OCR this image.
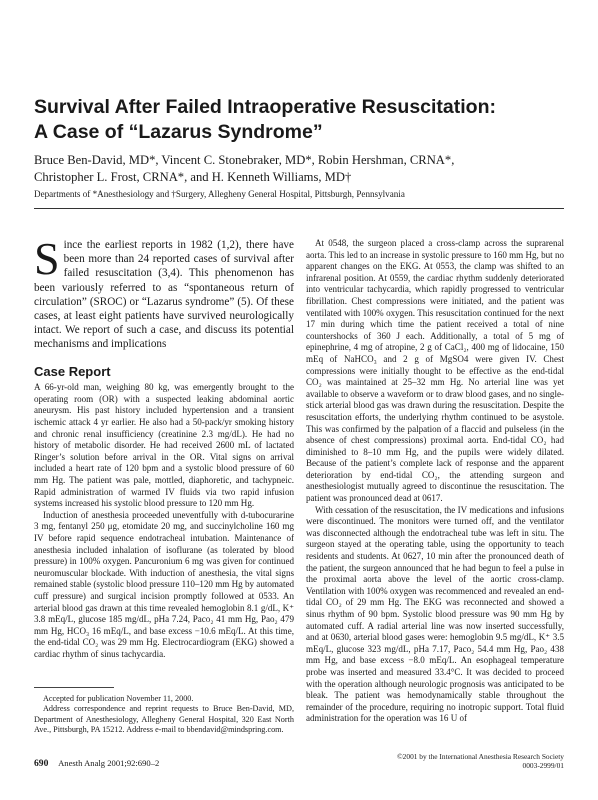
Survival After Failed Intraoperative Resuscitation:
A Case of “Lazarus Syndrome”
Bruce Ben-David, MD*, Vincent C. Stonebraker, MD*, Robin Hershman, CRNA*,
Christopher L. Frost, CRNA*, and H. Kenneth Williams, MD†
Departments of *Anesthesiology and †Surgery, Allegheny General Hospital, Pittsburgh, Pennsylvania

Since the earliest reports in 1982 (1,2), there have been more than 24 reported cases of survival after failed resuscitation (3,4). This phenomenon has been variously referred to as “spontaneous return of circulation” (SROC) or “Lazarus syndrome” (5). Of these cases, at least eight patients have survived neurologically intact. We report of such a case, and discuss its potential mechanisms and implications

Case Report

A 66-yr-old man, weighing 80 kg, was emergently brought to the operating room (OR) with a suspected leaking abdominal aortic aneurysm. His past history included hypertension and a transient ischemic attack 4 yr earlier. He also had a 50-pack/yr smoking history and chronic renal insufficiency (creatinine 2.3 mg/dL). He had no history of metabolic disorder. He had received 2600 mL of lactated Ringer’s solution before arrival in the OR. Vital signs on arrival included a heart rate of 120 bpm and a systolic blood pressure of 60 mm Hg. The patient was pale, mottled, diaphoretic, and tachypneic. Rapid administration of warmed IV fluids via two rapid infusion systems increased his systolic blood pressure to 120 mm Hg.

Induction of anesthesia proceeded uneventfully with d-tubocurarine 3 mg, fentanyl 250 μg, etomidate 20 mg, and succinylcholine 160 mg IV before rapid sequence endotracheal intubation. Maintenance of anesthesia included inhalation of isoflurane (as tolerated by blood pressure) in 100% oxygen. Pancuronium 6 mg was given for continued neuromuscular blockade. With induction of anesthesia, the vital signs remained stable (systolic blood pressure 110–120 mm Hg by automated cuff pressure) and surgical incision promptly followed at 0533. An arterial blood gas drawn at this time revealed hemoglobin 8.1 g/dL, K⁺ 3.8 mEq/L, glucose 185 mg/dL, pHa 7.24, Paco₂ 41 mm Hg, Pao₂ 479 mm Hg, HCO₃ 16 mEq/L, and base excess −10.6 mEq/L. At this time, the end-tidal CO₂ was 29 mm Hg. Electrocardiogram (EKG) showed a cardiac rhythm of sinus tachycardia.

Accepted for publication November 11, 2000.

Address correspondence and reprint requests to Bruce Ben-David, MD, Department of Anesthesiology, Allegheny General Hospital, 320 East North Ave., Pittsburgh, PA 15212. Address e-mail to bbendavid@mindspring.com.

At 0548, the surgeon placed a cross-clamp across the suprarenal aorta. This led to an increase in systolic pressure to 160 mm Hg, but no apparent changes on the EKG. At 0553, the clamp was shifted to an infrarenal position. At 0559, the cardiac rhythm suddenly deteriorated into ventricular tachycardia, which rapidly progressed to ventricular fibrillation. Chest compressions were initiated, and the patient was ventilated with 100% oxygen. This resuscitation continued for the next 17 min during which time the patient received a total of nine countershocks of 360 J each. Additionally, a total of 5 mg of epinephrine, 4 mg of atropine, 2 g of CaCl₂, 400 mg of lidocaine, 150 mEq of NaHCO₃ and 2 g of MgSO4 were given IV. Chest compressions were initially thought to be effective as the end-tidal CO₂ was maintained at 25–32 mm Hg. No arterial line was yet available to observe a waveform or to draw blood gases, and no single-stick arterial blood gas was drawn during the resuscitation. Despite the resuscitation efforts, the underlying rhythm continued to be asystole. This was confirmed by the palpation of a flaccid and pulseless (in the absence of chest compressions) proximal aorta. End-tidal CO₂ had diminished to 8–10 mm Hg, and the pupils were widely dilated. Because of the patient’s complete lack of response and the apparent deterioration by end-tidal CO₂, the attending surgeon and anesthesiologist mutually agreed to discontinue the resuscitation. The patient was pronounced dead at 0617.

With cessation of the resuscitation, the IV medications and infusions were discontinued. The monitors were turned off, and the ventilator was disconnected although the endotracheal tube was left in situ. The surgeon stayed at the operating table, using the opportunity to teach residents and students. At 0627, 10 min after the pronounced death of the patient, the surgeon announced that he had begun to feel a pulse in the proximal aorta above the level of the aortic cross-clamp. Ventilation with 100% oxygen was recommenced and revealed an end-tidal CO₂ of 29 mm Hg. The EKG was reconnected and showed a sinus rhythm of 90 bpm. Systolic blood pressure was 90 mm Hg by automated cuff. A radial arterial line was now inserted successfully, and at 0630, arterial blood gases were: hemoglobin 9.5 mg/dL, K⁺ 3.5 mEq/L, glucose 323 mg/dL, pHa 7.17, Paco₂ 54.4 mm Hg, Pao₂ 438 mm Hg, and base excess −8.0 mEq/L. An esophageal temperature probe was inserted and measured 33.4°C. It was decided to proceed with the operation although neurologic prognosis was anticipated to be bleak. The patient was hemodynamically stable throughout the remainder of the procedure, requiring no inotropic support. Total fluid administration for the operation was 16 U of

690 Anesth Analg 2001;92:690–2
©2001 by the International Anesthesia Research Society
0003-2999/01
